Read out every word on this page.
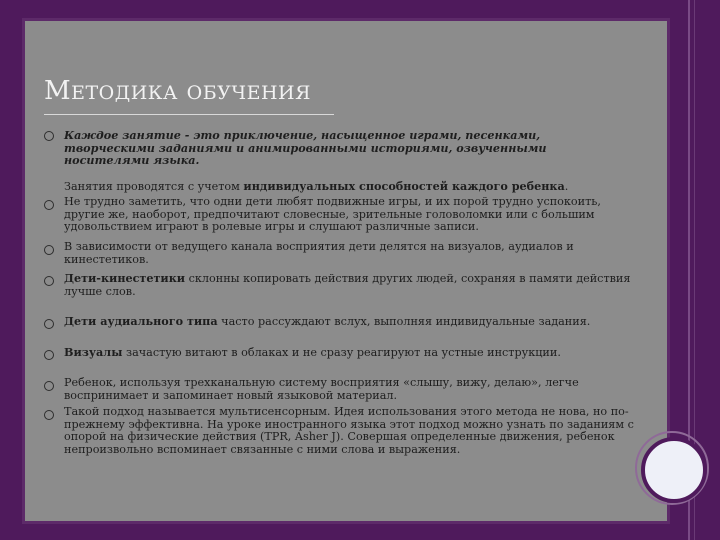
МЕТОДИКА ОБУЧЕНИЯ
Каждое занятие - это приключение, насыщенное играми, песенками, творческими заданиями и анимированными историями, озвученными носителями языка.
Занятия проводятся с учетом индивидуальных способностей каждого ребенка.
Не трудно заметить, что одни дети любят подвижные игры, и их порой трудно успокоить, другие же, наоборот, предпочитают словесные, зрительные головоломки или с большим удовольствием играют в ролевые игры и слушают различные записи.
В зависимости от ведущего канала восприятия дети делятся на визуалов, аудиалов и кинестетиков.
Дети-кинестетики склонны копировать действия других людей, сохраняя в памяти действия лучше слов.
Дети аудиального типа часто рассуждают вслух, выполняя индивидуальные задания.
Визуалы зачастую витают в облаках и не сразу реагируют на устные инструкции.
Ребенок, используя трехканальную систему восприятия «слышу, вижу, делаю», легче воспринимает и запоминает новый языковой материал.
Такой подход называется мультисенсорным. Идея использования этого метода не нова, но по-прежнему эффективна. На уроке иностранного языка этот подход можно узнать по заданиям с опорой на физические действия (TPR, Asher J). Совершая определенные движения, ребенок непроизвольно вспоминает связанные с ними слова и выражения.
